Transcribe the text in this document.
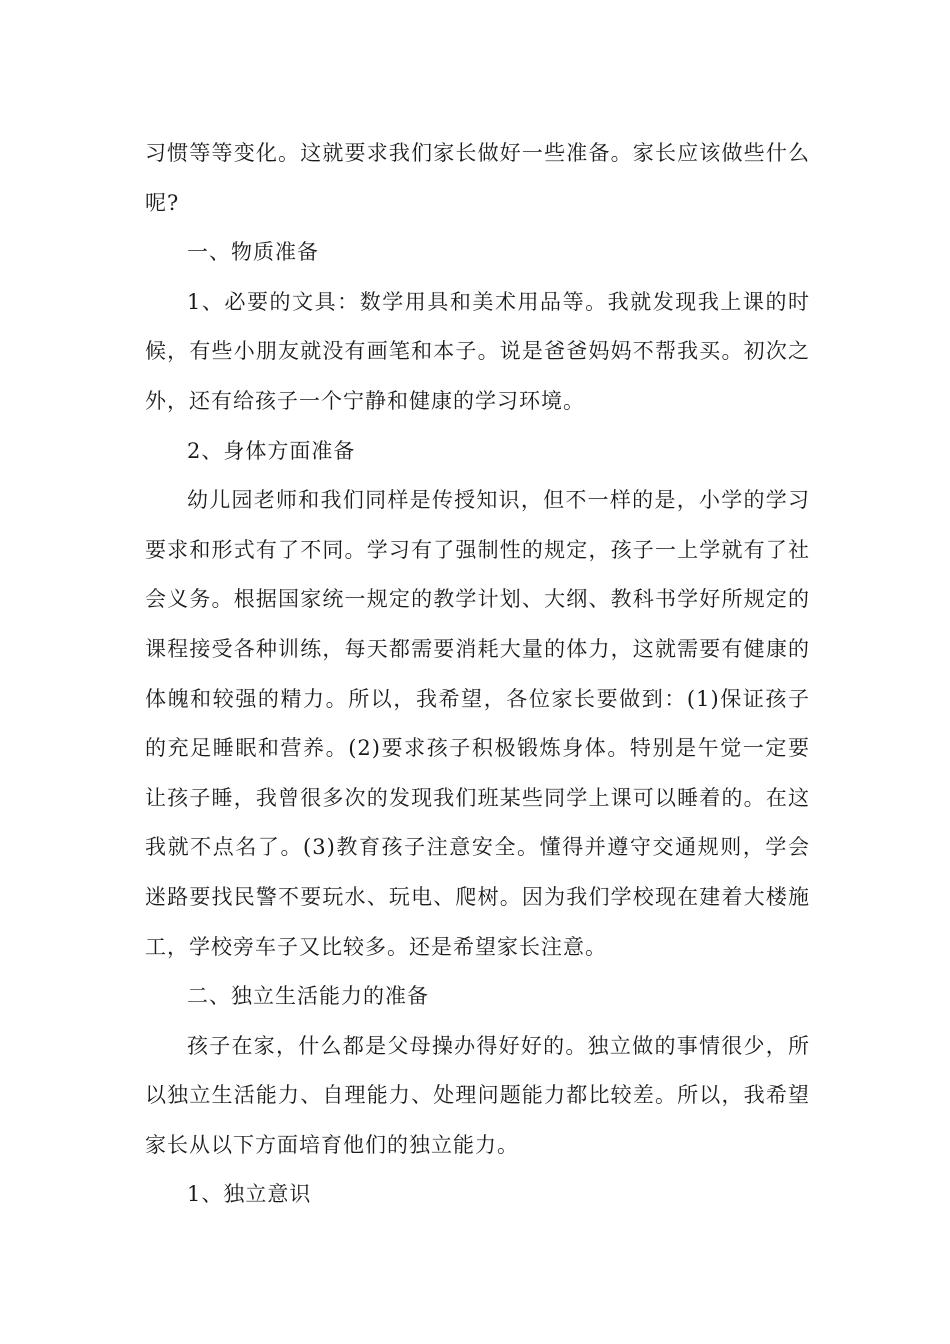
习惯等等变化。这就要求我们家长做好一些准备。家长应该做些什么呢?

一、物质准备

1、必要的文具：数学用具和美术用品等。我就发现我上课的时候，有些小朋友就没有画笔和本子。说是爸爸妈妈不帮我买。初次之外，还有给孩子一个宁静和健康的学习环境。

2、身体方面准备

幼儿园老师和我们同样是传授知识，但不一样的是，小学的学习要求和形式有了不同。学习有了强制性的规定，孩子一上学就有了社会义务。根据国家统一规定的教学计划、大纲、教科书学好所规定的课程接受各种训练，每天都需要消耗大量的体力，这就需要有健康的体魄和较强的精力。所以，我希望，各位家长要做到：(1)保证孩子的充足睡眠和营养。(2)要求孩子积极锻炼身体。特别是午觉一定要让孩子睡，我曾很多次的发现我们班某些同学上课可以睡着的。在这我就不点名了。(3)教育孩子注意安全。懂得并遵守交通规则，学会迷路要找民警不要玩水、玩电、爬树。因为我们学校现在建着大楼施工，学校旁车子又比较多。还是希望家长注意。

二、独立生活能力的准备

孩子在家，什么都是父母操办得好好的。独立做的事情很少，所以独立生活能力、自理能力、处理问题能力都比较差。所以，我希望家长从以下方面培育他们的独立能力。

1、独立意识
